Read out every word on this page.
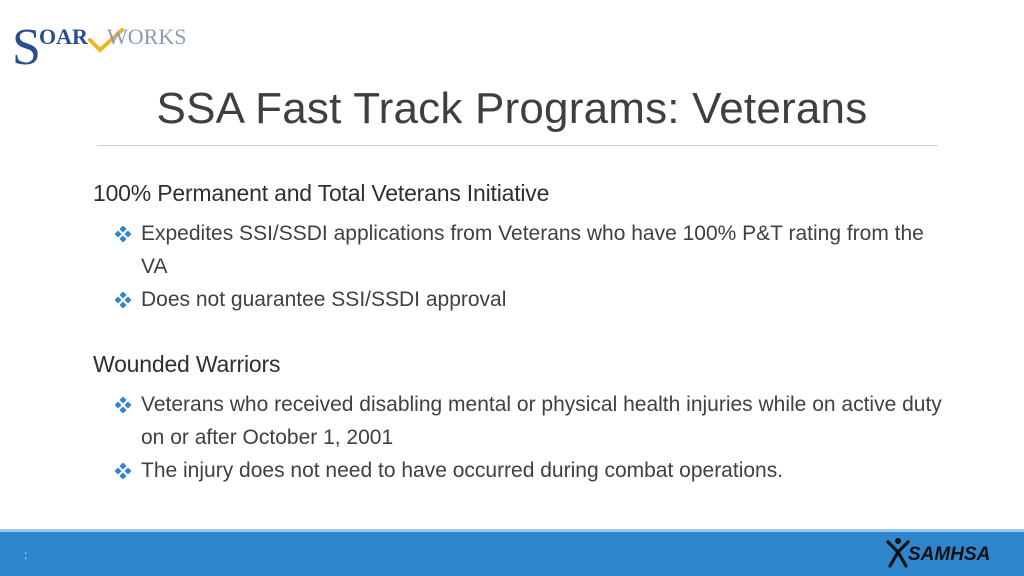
S
OAR WORKS
SSA Fast Track Programs: Veterans
100% Permanent and Total Veterans Initiative
Expedites SSI/SSDI applications from Veterans who have 100% P&T rating from the VA
Does not guarantee SSI/SSDI approval
Wounded Warriors
Veterans who received disabling mental or physical health injuries while on active duty on or after October 1, 2001
The injury does not need to have occurred during combat operations.
:	SAMHSA
